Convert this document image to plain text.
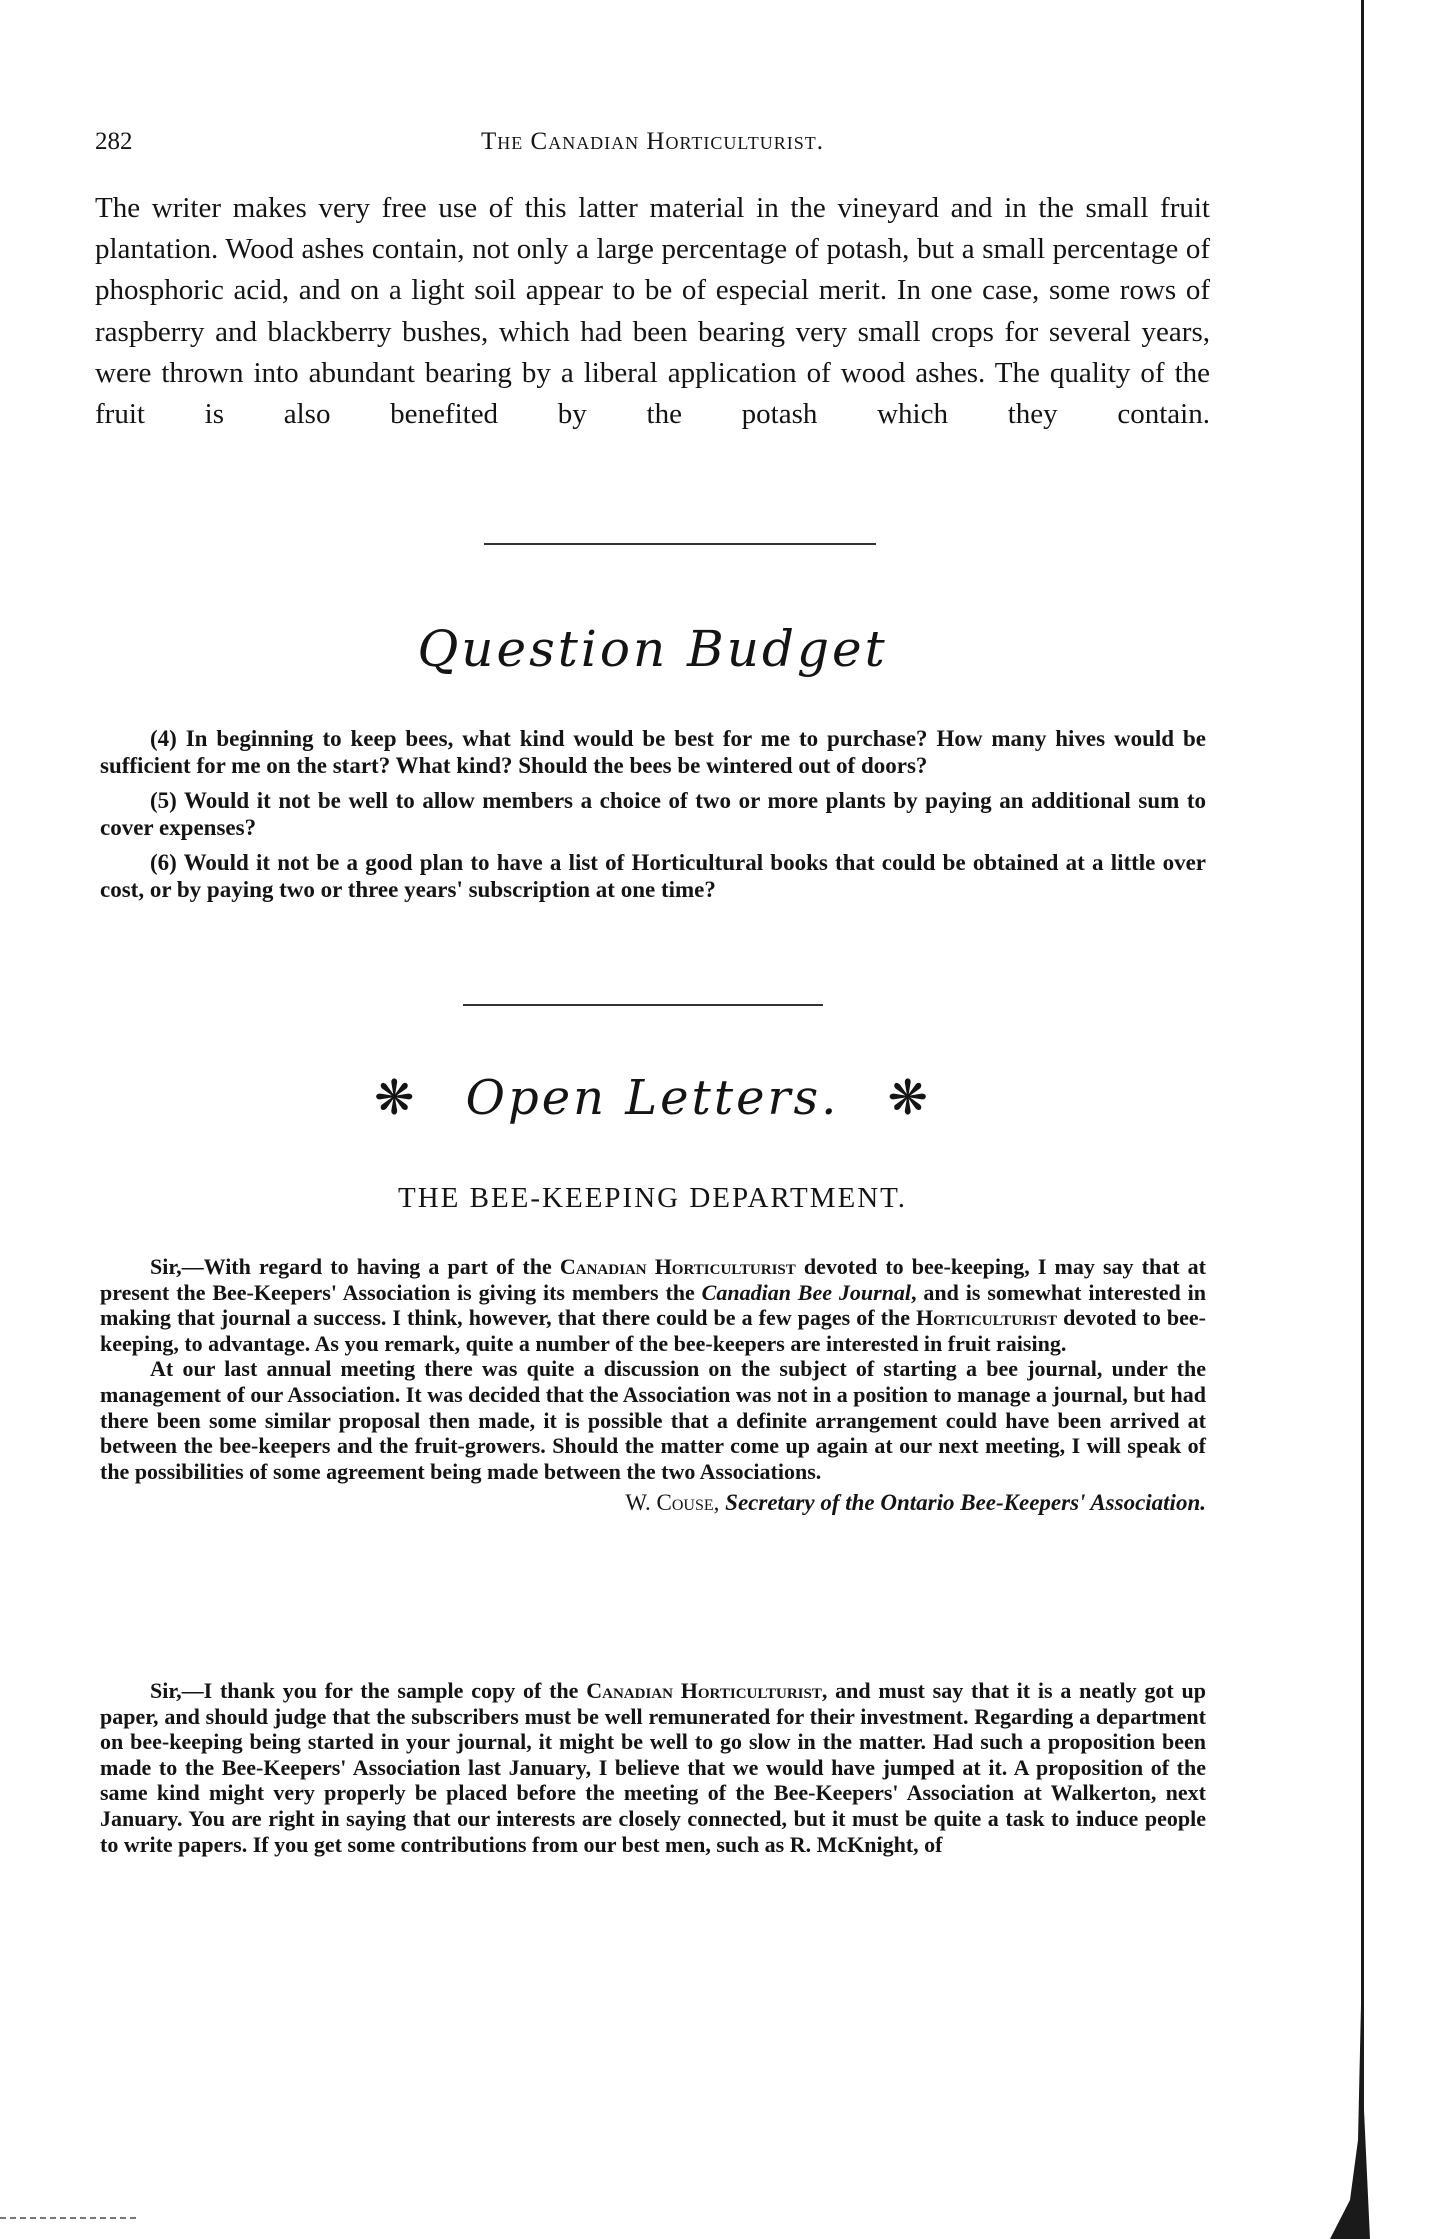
282	The Canadian Horticulturist.

The writer makes very free use of this latter material in the vineyard and in the small fruit plantation. Wood ashes contain, not only a large percentage of potash, but a small percentage of phosphoric acid, and on a light soil appear to be of especial merit. In one case, some rows of raspberry and blackberry bushes, which had been bearing very small crops for several years, were thrown into abundant bearing by a liberal application of wood ashes. The quality of the fruit is also benefited by the potash which they contain.

Question Budget

(4) In beginning to keep bees, what kind would be best for me to purchase? How many hives would be sufficient for me on the start? What kind? Should the bees be wintered out of doors?

(5) Would it not be well to allow members a choice of two or more plants by paying an additional sum to cover expenses?

(6) Would it not be a good plan to have a list of Horticultural books that could be obtained at a little over cost, or by paying two or three years' subscription at one time?

❋ Open Letters. ❋
THE BEE-KEEPING DEPARTMENT.

Sir,—With regard to having a part of the Canadian Horticulturist devoted to bee-keeping, I may say that at present the Bee-Keepers' Association is giving its members the Canadian Bee Journal, and is somewhat interested in making that journal a success. I think, however, that there could be a few pages of the Horticulturist devoted to bee-keeping, to advantage. As you remark, quite a number of the bee-keepers are interested in fruit raising.

At our last annual meeting there was quite a discussion on the subject of starting a bee journal, under the management of our Association. It was decided that the Association was not in a position to manage a journal, but had there been some similar proposal then made, it is possible that a definite arrangement could have been arrived at between the bee-keepers and the fruit-growers. Should the matter come up again at our next meeting, I will speak of the possibilities of some agreement being made between the two Associations.

W. Couse, Secretary of the Ontario Bee-Keepers' Association.

Sir,—I thank you for the sample copy of the Canadian Horticulturist, and must say that it is a neatly got up paper, and should judge that the subscribers must be well remunerated for their investment. Regarding a department on bee-keeping being started in your journal, it might be well to go slow in the matter. Had such a proposition been made to the Bee-Keepers' Association last January, I believe that we would have jumped at it. A proposition of the same kind might very properly be placed before the meeting of the Bee-Keepers' Association at Walkerton, next January. You are right in saying that our interests are closely connected, but it must be quite a task to induce people to write papers. If you get some contributions from our best men, such as R. McKnight, of
